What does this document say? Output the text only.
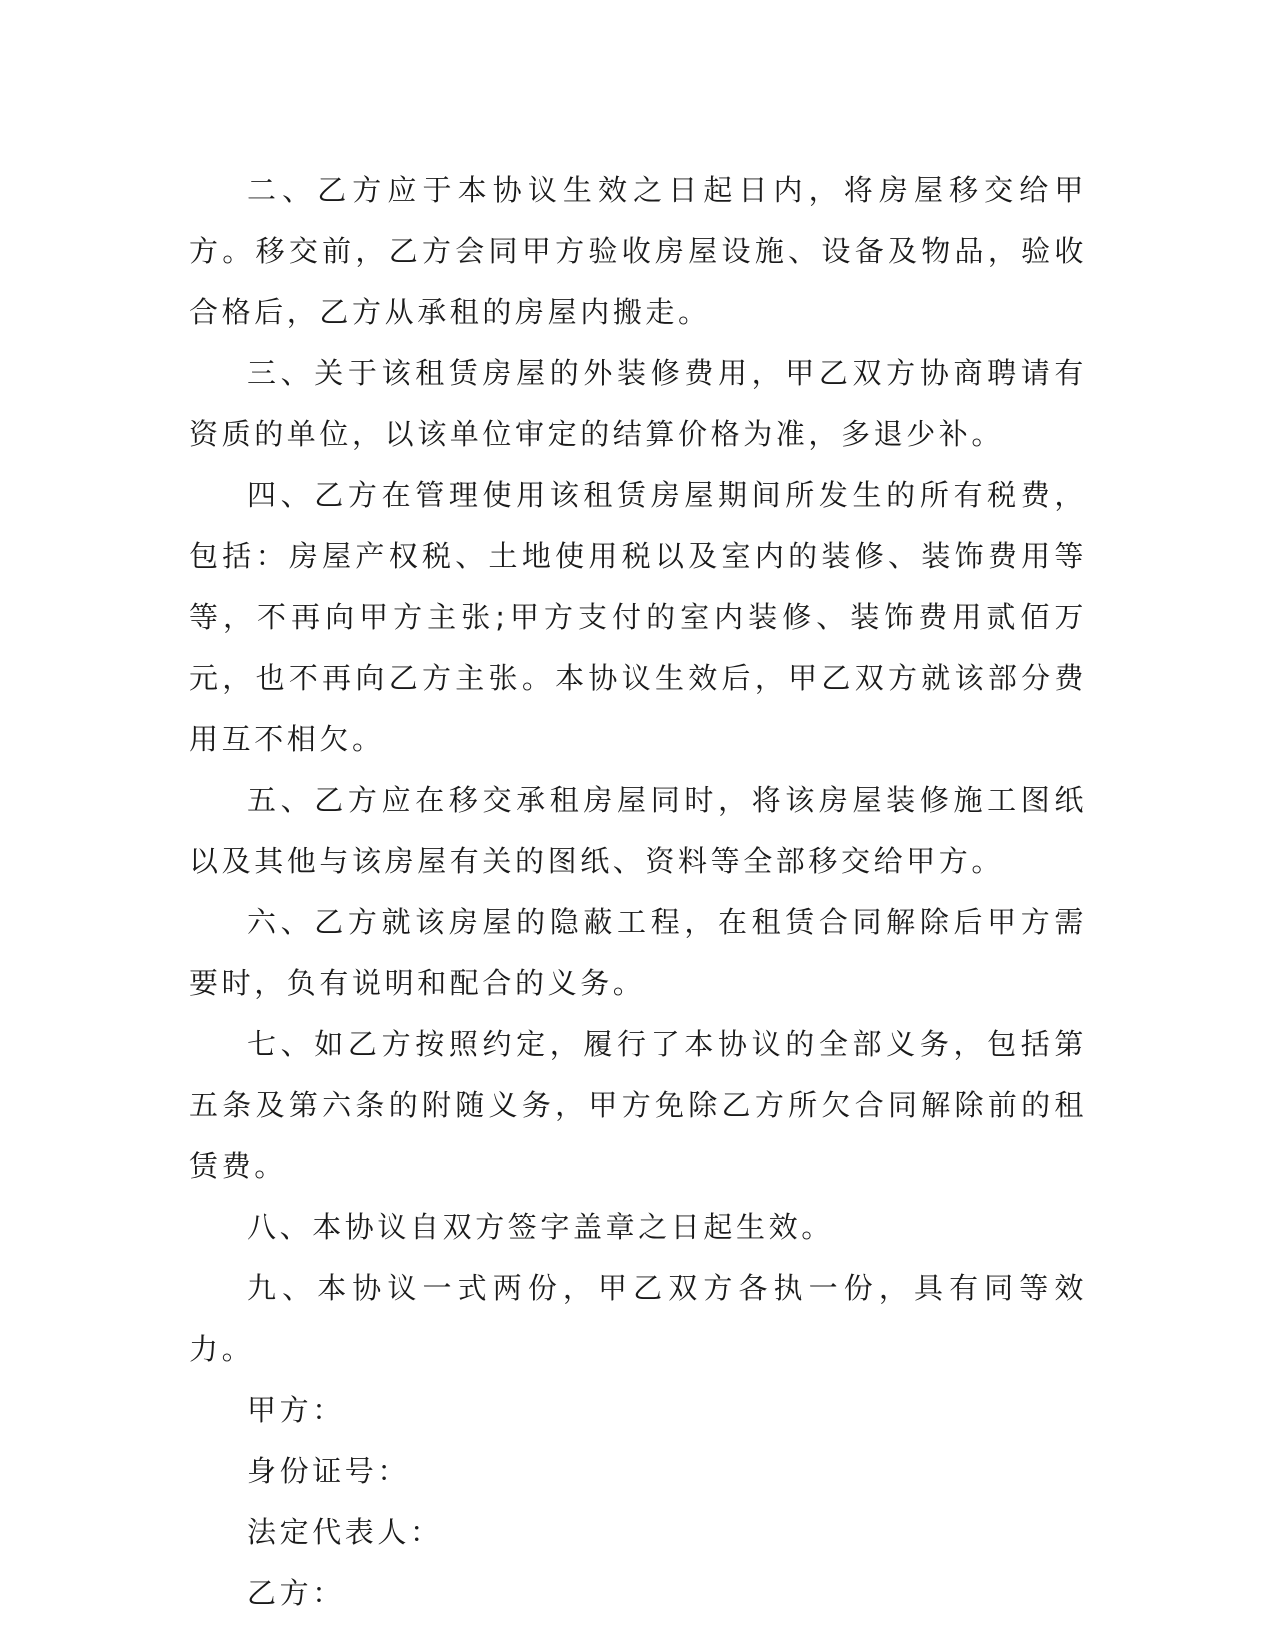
二、乙方应于本协议生效之日起日内，将房屋移交给甲方。移交前，乙方会同甲方验收房屋设施、设备及物品，验收合格后，乙方从承租的房屋内搬走。

三、关于该租赁房屋的外装修费用，甲乙双方协商聘请有资质的单位，以该单位审定的结算价格为准，多退少补。

四、乙方在管理使用该租赁房屋期间所发生的所有税费，包括：房屋产权税、土地使用税以及室内的装修、装饰费用等等，不再向甲方主张;甲方支付的室内装修、装饰费用贰佰万元，也不再向乙方主张。本协议生效后，甲乙双方就该部分费用互不相欠。

五、乙方应在移交承租房屋同时，将该房屋装修施工图纸以及其他与该房屋有关的图纸、资料等全部移交给甲方。

六、乙方就该房屋的隐蔽工程，在租赁合同解除后甲方需要时，负有说明和配合的义务。

七、如乙方按照约定，履行了本协议的全部义务，包括第五条及第六条的附随义务，甲方免除乙方所欠合同解除前的租赁费。

八、本协议自双方签字盖章之日起生效。

九、本协议一式两份，甲乙双方各执一份，具有同等效力。

甲方：

身份证号：

法定代表人：

乙方：
